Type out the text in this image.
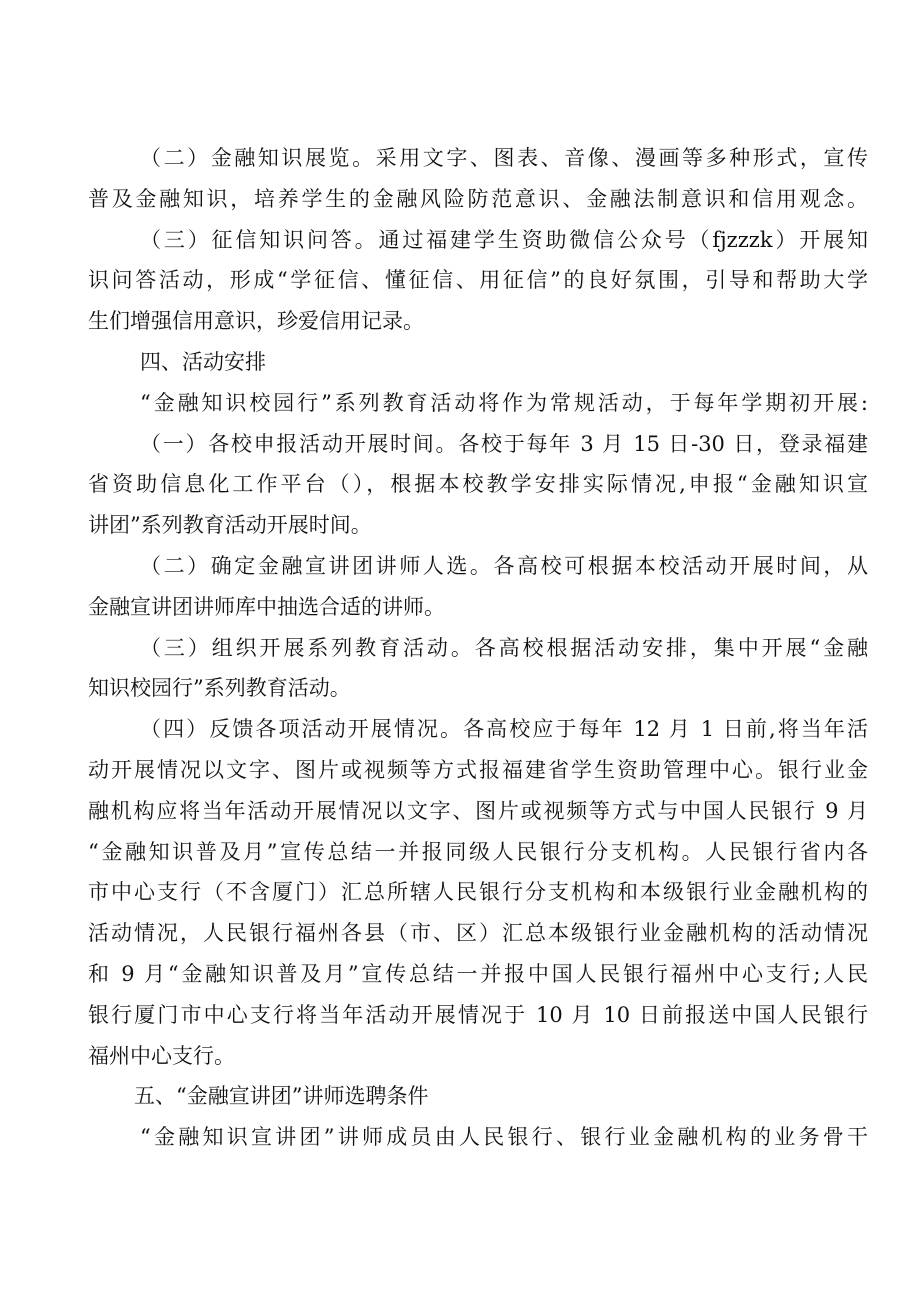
（二）金融知识展览。采用文字、图表、音像、漫画等多种形式，宣传
普及金融知识，培养学生的金融风险防范意识、金融法制意识和信用观念。
（三）征信知识问答。通过福建学生资助微信公众号（fjzzzk）开展知
识问答活动，形成“学征信、懂征信、用征信”的良好氛围，引导和帮助大学
生们增强信用意识，珍爱信用记录。
四、活动安排
“金融知识校园行”系列教育活动将作为常规活动，于每年学期初开展:
（一）各校申报活动开展时间。各校于每年 3 月 15 日-30 日，登录福建
省资助信息化工作平台（），根据本校教学安排实际情况,申报“金融知识宣
讲团”系列教育活动开展时间。
（二）确定金融宣讲团讲师人选。各高校可根据本校活动开展时间，从
金融宣讲团讲师库中抽选合适的讲师。
（三）组织开展系列教育活动。各高校根据活动安排，集中开展“金融
知识校园行”系列教育活动。
（四）反馈各项活动开展情况。各高校应于每年 12 月 1 日前,将当年活
动开展情况以文字、图片或视频等方式报福建省学生资助管理中心。银行业金
融机构应将当年活动开展情况以文字、图片或视频等方式与中国人民银行 9 月
“金融知识普及月”宣传总结一并报同级人民银行分支机构。人民银行省内各
市中心支行（不含厦门）汇总所辖人民银行分支机构和本级银行业金融机构的
活动情况，人民银行福州各县（市、区）汇总本级银行业金融机构的活动情况
和 9 月“金融知识普及月”宣传总结一并报中国人民银行福州中心支行;人民
银行厦门市中心支行将当年活动开展情况于 10 月 10 日前报送中国人民银行
福州中心支行。
五、“金融宣讲团”讲师选聘条件
“金融知识宣讲团”讲师成员由人民银行、银行业金融机构的业务骨干
